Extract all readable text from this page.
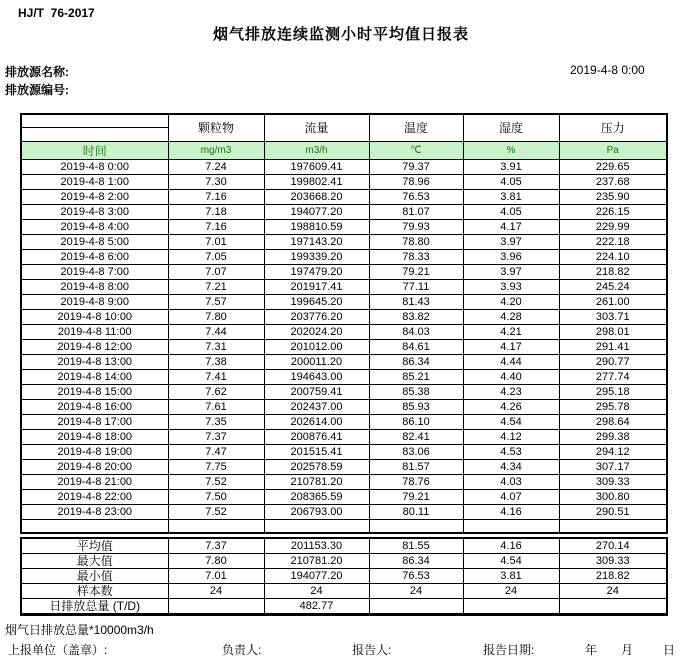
HJ/T  76-2017
烟气排放连续监测小时平均值日报表
排放源名称:
排放源编号:
2019-4-8 0:00
	颗粒物	流量	温度	湿度	压力

时间	mg/m3	m3/h	℃	%	Pa
2019-4-8 0:00	7.24	197609.41	79.37	3.91	229.65
2019-4-8 1:00	7.30	199802.41	78.96	4.05	237.68
2019-4-8 2:00	7.16	203668.20	76.53	3.81	235.90
2019-4-8 3:00	7.18	194077.20	81.07	4.05	226.15
2019-4-8 4:00	7.16	198810.59	79.93	4.17	229.99
2019-4-8 5:00	7.01	197143.20	78.80	3.97	222.18
2019-4-8 6:00	7.05	199339.20	78.33	3.96	224.10
2019-4-8 7:00	7.07	197479.20	79.21	3.97	218.82
2019-4-8 8:00	7.21	201917.41	77.11	3.93	245.24
2019-4-8 9:00	7.57	199645.20	81.43	4.20	261.00
2019-4-8 10:00	7.80	203776.20	83.82	4.28	303.71
2019-4-8 11:00	7.44	202024.20	84.03	4.21	298.01
2019-4-8 12:00	7.31	201012.00	84.61	4.17	291.41
2019-4-8 13:00	7.38	200011.20	86.34	4.44	290.77
2019-4-8 14:00	7.41	194643.00	85.21	4.40	277.74
2019-4-8 15:00	7.62	200759.41	85.38	4.23	295.18
2019-4-8 16:00	7.61	202437.00	85.93	4.26	295.78
2019-4-8 17:00	7.35	202614.00	86.10	4.54	298.64
2019-4-8 18:00	7.37	200876.41	82.41	4.12	299.38
2019-4-8 19:00	7.47	201515.41	83.06	4.53	294.12
2019-4-8 20:00	7.75	202578.59	81.57	4.34	307.17
2019-4-8 21:00	7.52	210781.20	78.76	4.03	309.33
2019-4-8 22:00	7.50	208365.59	79.21	4.07	300.80
2019-4-8 23:00	7.52	206793.00	80.11	4.16	290.51

平均值	7.37	201153.30	81.55	4.16	270.14
最大值	7.80	210781.20	86.34	4.54	309.33
最小值	7.01	194077.20	76.53	3.81	218.82
样本数	24	24	24	24	24
日排放总量 (T/D)		482.77			
烟气日排放总量*10000m3/h
上报单位（盖章）:	负责人:	报告人:	报告日期:	年 月 日
